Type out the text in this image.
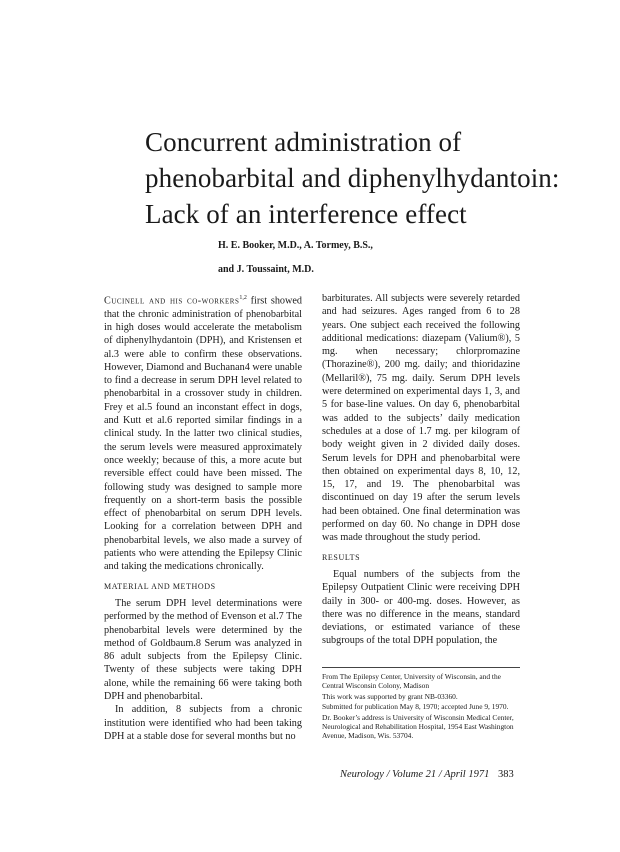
Concurrent administration of
phenobarbital and diphenylhydantoin:
Lack of an interference effect
H. E. Booker, M.D., A. Tormey, B.S.,
and J. Toussaint, M.D.

Cucinell and his co-workers$^{1,2}$ first showed that the chronic administration of phenobarbital in high doses would accelerate the metabolism of diphenylhydantoin (DPH), and Kristensen et al.3 were able to confirm these observations. However, Diamond and Buchanan4 were unable to find a decrease in serum DPH level related to phenobarbital in a crossover study in children. Frey et al.5 found an inconstant effect in dogs, and Kutt et al.6 reported similar findings in a clinical study. In the latter two clinical studies, the serum levels were measured approximately once weekly; because of this, a more acute but reversible effect could have been missed. The following study was designed to sample more frequently on a short-term basis the possible effect of phenobarbital on serum DPH levels. Looking for a correlation between DPH and phenobarbital levels, we also made a survey of patients who were attending the Epilepsy Clinic and taking the medications chronically.

MATERIAL AND METHODS

The serum DPH level determinations were performed by the method of Evenson et al.7 The phenobarbital levels were determined by the method of Goldbaum.8 Serum was analyzed in 86 adult subjects from the Epilepsy Clinic. Twenty of these subjects were taking DPH alone, while the remaining 66 were taking both DPH and phenobarbital.

In addition, 8 subjects from a chronic institution were identified who had been taking DPH at a stable dose for several months but no

barbiturates. All subjects were severely retarded and had seizures. Ages ranged from 6 to 28 years. One subject each received the following additional medications: diazepam (Valium®), 5 mg. when necessary; chlorpromazine (Thorazine®), 200 mg. daily; and thioridazine (Mellaril®), 75 mg. daily. Serum DPH levels were determined on experimental days 1, 3, and 5 for base-line values. On day 6, phenobarbital was added to the subjects’ daily medication schedules at a dose of 1.7 mg. per kilogram of body weight given in 2 divided daily doses. Serum levels for DPH and phenobarbital were then obtained on experimental days 8, 10, 12, 15, 17, and 19. The phenobarbital was discontinued on day 19 after the serum levels had been obtained. One final determination was performed on day 60. No change in DPH dose was made throughout the study period.

RESULTS

Equal numbers of the subjects from the Epilepsy Outpatient Clinic were receiving DPH daily in 300- or 400-mg. doses. However, as there was no difference in the means, standard deviations, or estimated variance of these subgroups of the total DPH population, the

From The Epilepsy Center, University of Wisconsin, and the Central Wisconsin Colony, Madison
This work was supported by grant NB-03360.
Submitted for publication May 8, 1970; accepted June 9, 1970.
Dr. Booker’s address is University of Wisconsin Medical Center, Neurological and Rehabilitation Hospital, 1954 East Washington Avenue, Madison, Wis. 53704.
Neurology / Volume 21 / April 1971 383
